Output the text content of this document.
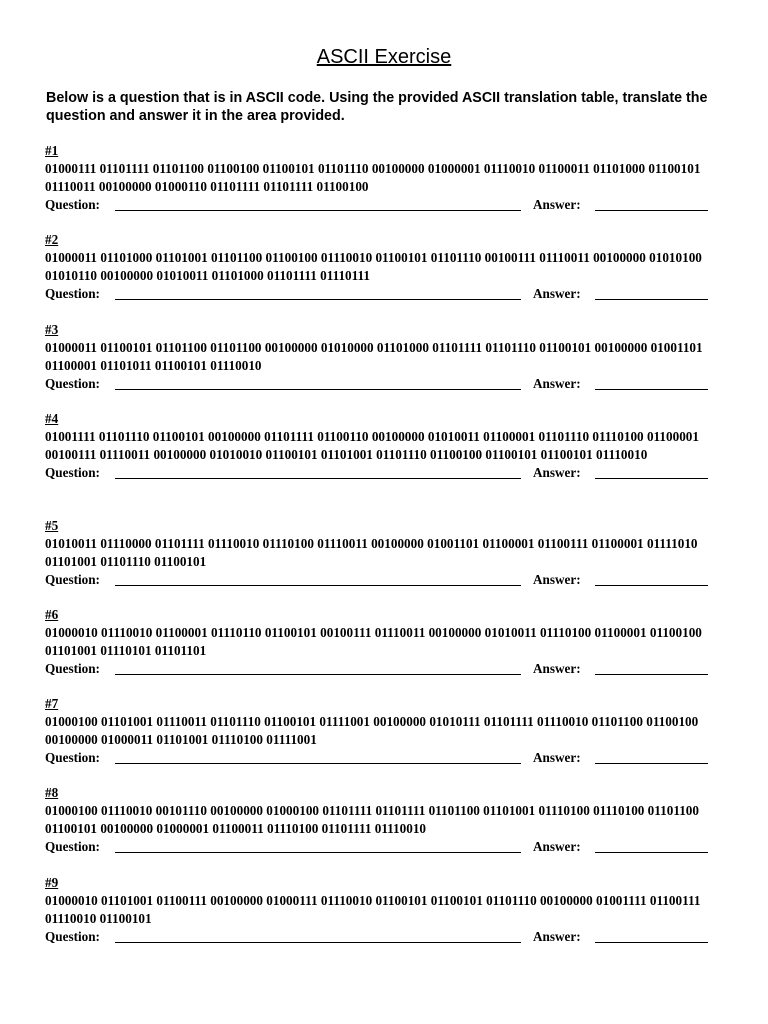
ASCII Exercise
Below is a question that is in ASCII code. Using the provided ASCII translation table, translate the question and answer it in the area provided.
#1
01000111 01101111 01101100 01100100 01100101 01101110 00100000 01000001 01110010 01100011 01101000 01100101 01110011 00100000 01000110 01101111 01101111 01100100
Question:	Answer:
#2
01000011 01101000 01101001 01101100 01100100 01110010 01100101 01101110 00100111 01110011 00100000 01010100 01010110 00100000 01010011 01101000 01101111 01110111
Question:	Answer:
#3
01000011 01100101 01101100 01101100 00100000 01010000 01101000 01101111 01101110 01100101 00100000 01001101 01100001 01101011 01100101 01110010
Question:	Answer:
#4
01001111 01101110 01100101 00100000 01101111 01100110 00100000 01010011 01100001 01101110 01110100 01100001 00100111 01110011 00100000 01010010 01100101 01101001 01101110 01100100 01100101 01100101 01110010
Question:	Answer:
#5
01010011 01110000 01101111 01110010 01110100 01110011 00100000 01001101 01100001 01100111 01100001 01111010 01101001 01101110 01100101
Question:	Answer:
#6
01000010 01110010 01100001 01110110 01100101 00100111 01110011 00100000 01010011 01110100 01100001 01100100 01101001 01110101 01101101
Question:	Answer:
#7
01000100 01101001 01110011 01101110 01100101 01111001 00100000 01010111 01101111 01110010 01101100 01100100 00100000 01000011 01101001 01110100 01111001
Question:	Answer:
#8
01000100 01110010 00101110 00100000 01000100 01101111 01101111 01101100 01101001 01110100 01110100 01101100 01100101 00100000 01000001 01100011 01110100 01101111 01110010
Question:	Answer:
#9
01000010 01101001 01100111 00100000 01000111 01110010 01100101 01100101 01101110 00100000 01001111 01100111 01110010 01100101
Question:	Answer:
